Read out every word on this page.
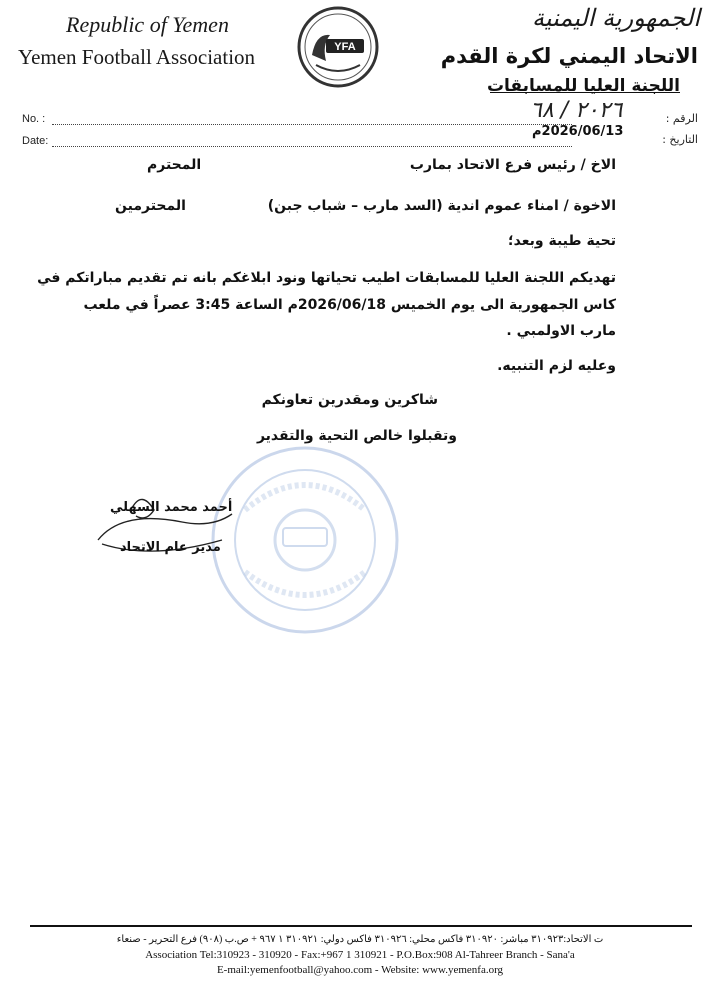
Republic of Yemen
Yemen Football Association
الجمهورية اليمنية
الاتحاد اليمني لكرة القدم
اللجنة العليا للمسابقات
YFA
No. :
Date:
الرقم :
التاريخ :
٢٠٢٦ / ٦٨
2026/06/13م
الاخ / رئيس فرع الاتحاد بمارب
المحترم
الاخوة / امناء عموم اندية (السد مارب – شباب جبن)
المحترمين
تحية طيبة وبعد؛
تهديكم اللجنة العليا للمسابقات اطيب تحياتها ونود ابلاغكم بانه تم تقديم مباراتكم في
كاس الجمهورية الى يوم الخميس 2026/06/18م الساعة 3:45 عصراً في ملعب
مارب الاولمبي .
وعليه لزم التنبيه.
شاكرين ومقدرين تعاونكم
وتقبلوا خالص التحية والتقدير
أحمد محمد السهلي
مدير عام الاتحاد
ت الاتحاد:٣١٠٩٢٣ مباشر: ٣١٠٩٢٠ فاكس محلي: ٣١٠٩٢٦ فاكس دولي: ٣١٠٩٢١ ١ ٩٦٧ + ص.ب (٩٠٨) فرع التحرير - صنعاء
Association Tel:310923 - 310920 - Fax:+967 1 310921 - P.O.Box:908 Al-Tahreer Branch - Sana'a
E-mail:yemenfootball@yahoo.com - Website: www.yemenfa.org
